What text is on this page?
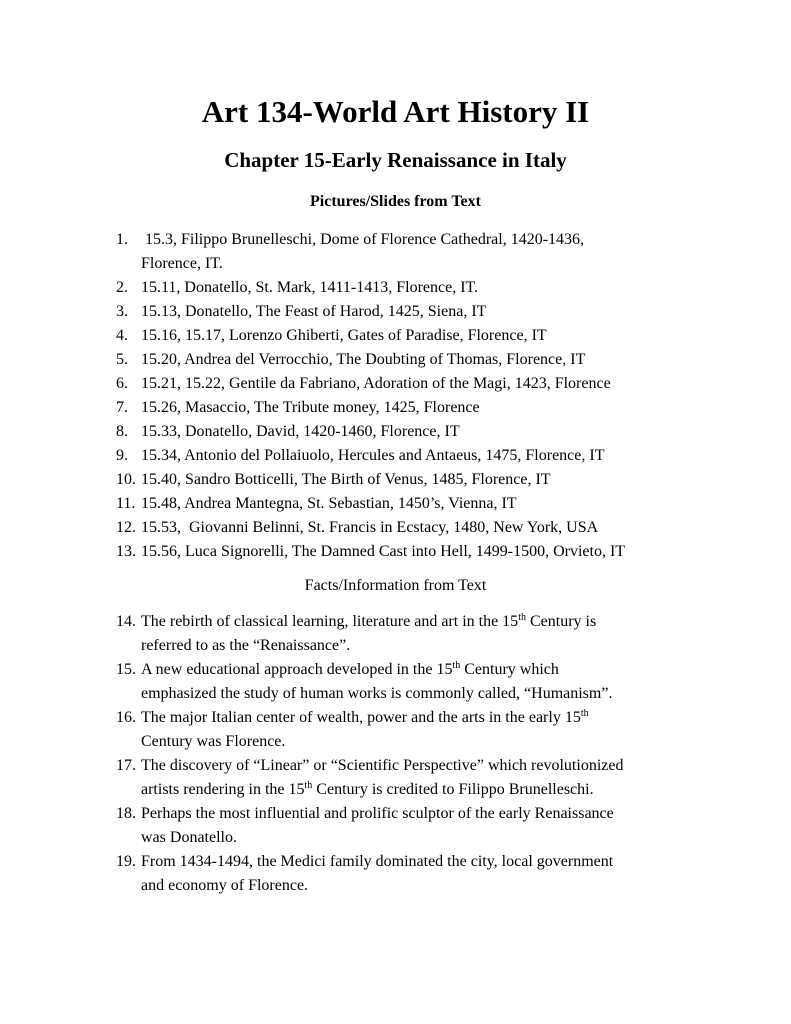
Art 134-World Art History II
Chapter 15-Early Renaissance in Italy
Pictures/Slides from Text
1. 15.3, Filippo Brunelleschi, Dome of Florence Cathedral, 1420-1436,
Florence, IT.
2. 15.11, Donatello, St. Mark, 1411-1413, Florence, IT.
3. 15.13, Donatello, The Feast of Harod, 1425, Siena, IT
4. 15.16, 15.17, Lorenzo Ghiberti, Gates of Paradise, Florence, IT
5. 15.20, Andrea del Verrocchio, The Doubting of Thomas, Florence, IT
6. 15.21, 15.22, Gentile da Fabriano, Adoration of the Magi, 1423, Florence
7. 15.26, Masaccio, The Tribute money, 1425, Florence
8. 15.33, Donatello, David, 1420-1460, Florence, IT
9. 15.34, Antonio del Pollaiuolo, Hercules and Antaeus, 1475, Florence, IT
10. 15.40, Sandro Botticelli, The Birth of Venus, 1485, Florence, IT
11. 15.48, Andrea Mantegna, St. Sebastian, 1450’s, Vienna, IT
12. 15.53,  Giovanni Belinni, St. Francis in Ecstacy, 1480, New York, USA
13. 15.56, Luca Signorelli, The Damned Cast into Hell, 1499-1500, Orvieto, IT
Facts/Information from Text
14. The rebirth of classical learning, literature and art in the 15th Century is
referred to as the “Renaissance”.
15. A new educational approach developed in the 15th Century which
emphasized the study of human works is commonly called, “Humanism”.
16. The major Italian center of wealth, power and the arts in the early 15th
Century was Florence.
17. The discovery of “Linear” or “Scientific Perspective” which revolutionized
artists rendering in the 15th Century is credited to Filippo Brunelleschi.
18. Perhaps the most influential and prolific sculptor of the early Renaissance
was Donatello.
19. From 1434-1494, the Medici family dominated the city, local government
and economy of Florence.
